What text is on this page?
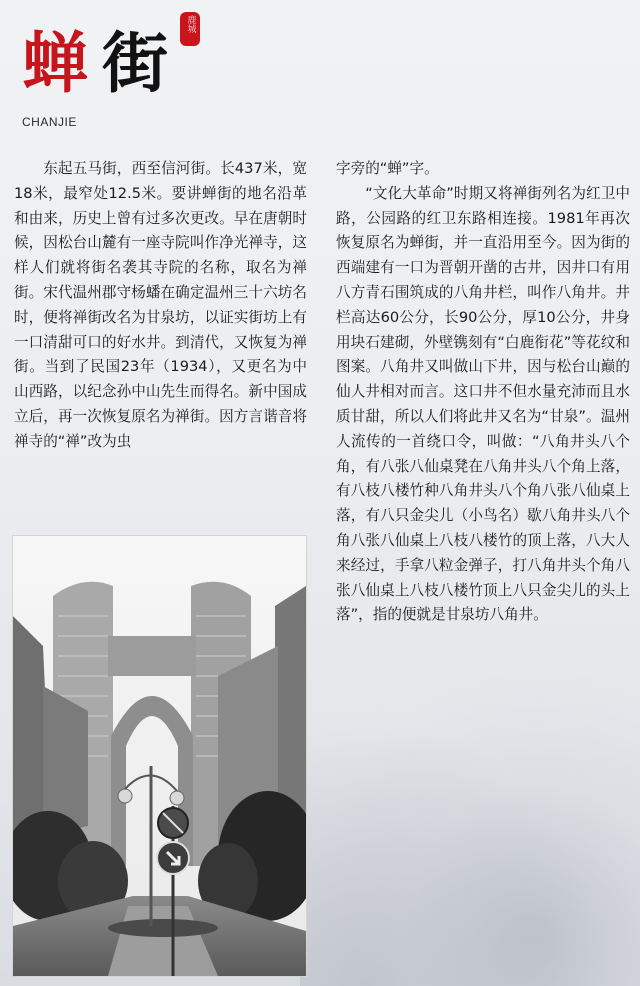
蝉 街	鹿城
CHANJIE

东起五马街，西至信河街。长437米，宽18米，最窄处12.5米。要讲蝉街的地名沿革和由来，历史上曾有过多次更改。早在唐朝时候，因松台山麓有一座寺院叫作净光禅寺，这样人们就将街名袭其寺院的名称，取名为禅街。宋代温州郡守杨蟠在确定温州三十六坊名时，便将禅街改名为甘泉坊，以证实街坊上有一口清甜可口的好水井。到清代，又恢复为禅街。当到了民国23年（1934），又更名为中山西路，以纪念孙中山先生而得名。新中国成立后，再一次恢复原名为禅街。因方言谐音将禅寺的“禅”改为虫

字旁的“蝉”字。

“文化大革命”时期又将禅街列名为红卫中路，公园路的红卫东路相连接。1981年再次恢复原名为蝉街，并一直沿用至今。因为街的西端建有一口为晋朝开凿的古井，因井口有用八方青石围筑成的八角井栏，叫作八角井。井栏高达60公分，长90公分，厚10公分，井身用块石建砌，外壁镌刻有“白鹿衔花”等花纹和图案。八角井又叫做山下井，因与松台山巅的仙人井相对而言。这口井不但水量充沛而且水质甘甜，所以人们将此井又名为“甘泉”。温州人流传的一首绕口令，叫做：“八角井头八个角，有八张八仙桌凳在八角井头八个角上落，有八枝八楼竹种八角井头八个角八张八仙桌上落，有八只金尖儿（小鸟名）歇八角井头八个角八张八仙桌上八枝八楼竹的顶上落，八大人来经过，手拿八粒金弹子，打八角井头个角八张八仙桌上八枝八楼竹顶上八只金尖儿的头上落”，指的便就是甘泉坊八角井。
